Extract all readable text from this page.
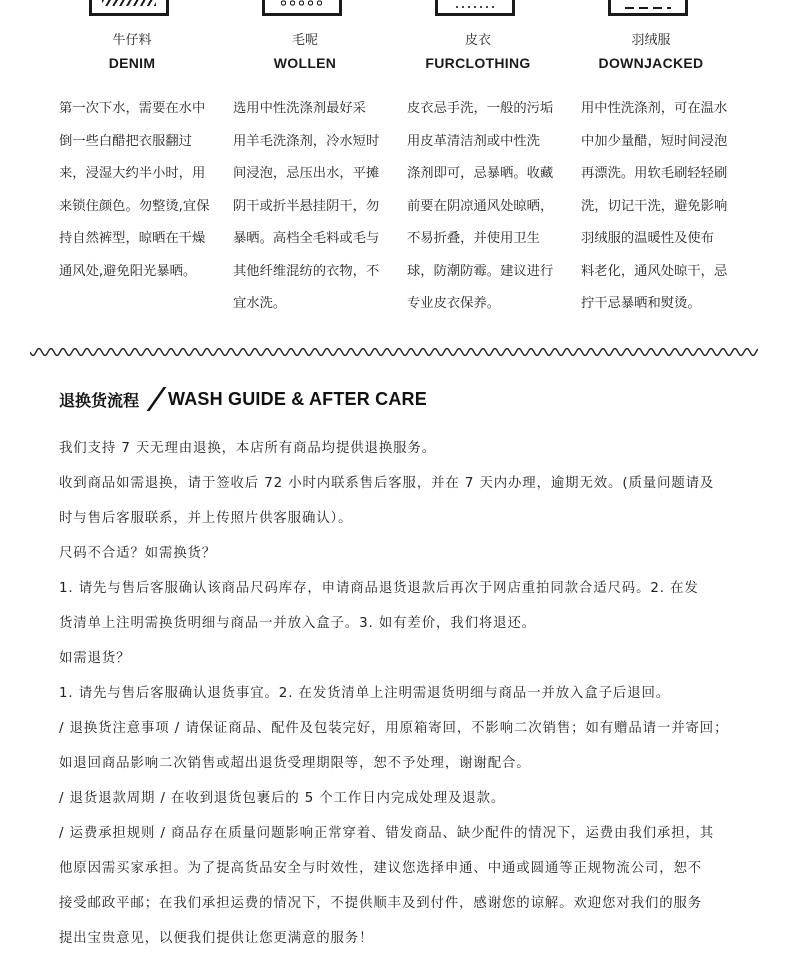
牛仔料
DENIM
第一次下水，需要在水中
倒一些白醋把衣服翻过
来，浸湿大约半小时，用
来锁住颜色。勿整烫,宜保
持自然裤型，晾晒在干燥
通风处,避免阳光暴晒。
毛呢
WOLLEN
选用中性洗涤剂最好采
用羊毛洗涤剂，冷水短时
间浸泡，忌压出水，平摊
阴干或折半悬挂阴干，勿
暴晒。高档全毛料或毛与
其他纤维混纺的衣物，不
宜水洗。
皮衣
FURCLOTHING
皮衣忌手洗，一般的污垢
用皮革清洁剂或中性洗
涤剂即可，忌暴晒。收藏
前要在阴凉通风处晾晒，
不易折叠，并使用卫生
球，防潮防霉。建议进行
专业皮衣保养。
羽绒服
DOWNJACKED
用中性洗涤剂，可在温水
中加少量醋，短时间浸泡
再漂洗。用软毛刷轻轻刷
洗，切记干洗，避免影响
羽绒服的温暖性及使布
料老化，通风处晾干，忌
拧干忌暴晒和熨烫。
退换货流程 WASH GUIDE & AFTER CARE

我们支持 7 天无理由退换，本店所有商品均提供退换服务。

收到商品如需退换，请于签收后 72 小时内联系售后客服，并在 7 天内办理，逾期无效。(质量问题请及

时与售后客服联系，并上传照片供客服确认）。

尺码不合适？如需换货？

1. 请先与售后客服确认该商品尺码库存，申请商品退货退款后再次于网店重拍同款合适尺码。2. 在发

货清单上注明需换货明细与商品一并放入盒子。3. 如有差价，我们将退还。

如需退货？

1. 请先与售后客服确认退货事宜。2. 在发货清单上注明需退货明细与商品一并放入盒子后退回。

/ 退换货注意事项 / 请保证商品、配件及包装完好，用原箱寄回，不影响二次销售；如有赠品请一并寄回；

如退回商品影响二次销售或超出退货受理期限等，恕不予处理，谢谢配合。

/ 退货退款周期 / 在收到退货包裹后的 5 个工作日内完成处理及退款。

/ 运费承担规则 / 商品存在质量问题影响正常穿着、错发商品、缺少配件的情况下，运费由我们承担，其

他原因需买家承担。为了提高货品安全与时效性，建议您选择申通、中通或圆通等正规物流公司，恕不

接受邮政平邮；在我们承担运费的情况下，不提供顺丰及到付件，感谢您的谅解。欢迎您对我们的服务

提出宝贵意见，以便我们提供让您更满意的服务！
